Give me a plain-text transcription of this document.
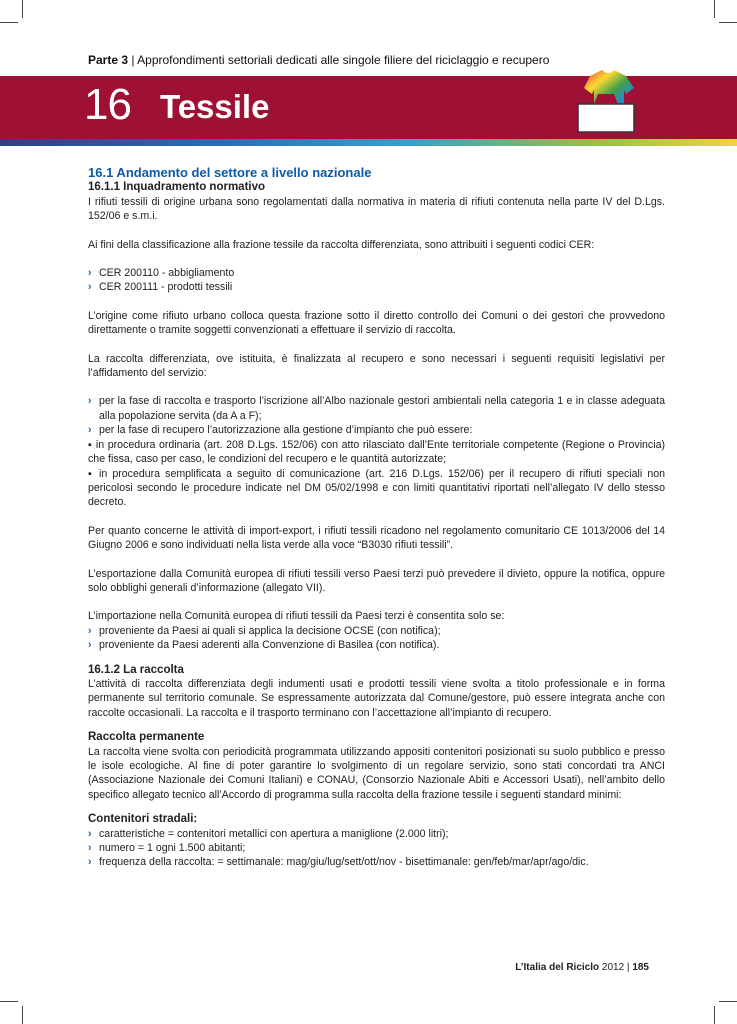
Parte 3 | Approfondimenti settoriali dedicati alle singole filiere del riciclaggio e recupero
16 Tessile

16.1 Andamento del settore a livello nazionale

16.1.1 Inquadramento normativo

I rifiuti tessili di origine urbana sono regolamentati dalla normativa in materia di rifiuti contenuta nella parte IV del D.Lgs. 152/06 e s.m.i.

Ai fini della classificazione alla frazione tessile da raccolta differenziata, sono attribuiti i seguenti codici CER:

› CER 200110 - abbigliamento

› CER 200111 - prodotti tessili

L’origine come rifiuto urbano colloca questa frazione sotto il diretto controllo dei Comuni o dei gestori che provvedono direttamente o tramite soggetti convenzionati a effettuare il servizio di raccolta.

La raccolta differenziata, ove istituita, è finalizzata al recupero e sono necessari i seguenti requisiti legislativi per l’affidamento del servizio:

› per la fase di raccolta e trasporto l’iscrizione all’Albo nazionale gestori ambientali nella categoria 1 e in classe adeguata alla popolazione servita (da A a F);

› per la fase di recupero l’autorizzazione alla gestione d’impianto che può essere:

▪ in procedura ordinaria (art. 208 D.Lgs. 152/06) con atto rilasciato dall’Ente territoriale competente (Regione o Provincia) che fissa, caso per caso, le condizioni del recupero e le quantità autorizzate;

▪ in procedura semplificata a seguito di comunicazione (art. 216 D.Lgs. 152/06) per il recupero di rifiuti speciali non pericolosi secondo le procedure indicate nel DM 05/02/1998 e con limiti quantitativi riportati nell’allegato IV dello stesso decreto.

Per quanto concerne le attività di import-export, i rifiuti tessili ricadono nel regolamento comunitario CE 1013/2006 del 14 Giugno 2006 e sono individuati nella lista verde alla voce “B3030 rifiuti tessili”.

L’esportazione dalla Comunità europea di rifiuti tessili verso Paesi terzi può prevedere il divieto, oppure la notifica, oppure solo obblighi generali d’informazione (allegato VII).

L’importazione nella Comunità europea di rifiuti tessili da Paesi terzi è consentita solo se:

› proveniente da Paesi ai quali si applica la decisione OCSE (con notifica);

› proveniente da Paesi aderenti alla Convenzione di Basilea (con notifica).

16.1.2 La raccolta

L’attività di raccolta differenziata degli indumenti usati e prodotti tessili viene svolta a titolo professionale e in forma permanente sul territorio comunale. Se espressamente autorizzata dal Comune/gestore, può essere integrata anche con raccolte occasionali. La raccolta e il trasporto terminano con l’accettazione all’impianto di recupero.

Raccolta permanente

La raccolta viene svolta con periodicità programmata utilizzando appositi contenitori posizionati su suolo pubblico e presso le isole ecologiche. Al fine di poter garantire lo svolgimento di un regolare servizio, sono stati concordati tra ANCI (Associazione Nazionale dei Comuni Italiani) e CONAU, (Consorzio Nazionale Abiti e Accessori Usati), nell’ambito dello specifico allegato tecnico all’Accordo di programma sulla raccolta della frazione tessile i seguenti standard minimi:

Contenitori stradali:

› caratteristiche = contenitori metallici con apertura a maniglione (2.000 litri);

› numero = 1 ogni 1.500 abitanti;

› frequenza della raccolta: = settimanale: mag/giu/lug/sett/ott/nov - bisettimanale: gen/feb/mar/apr/ago/dic.

L’Italia del Riciclo 2012 | 185
